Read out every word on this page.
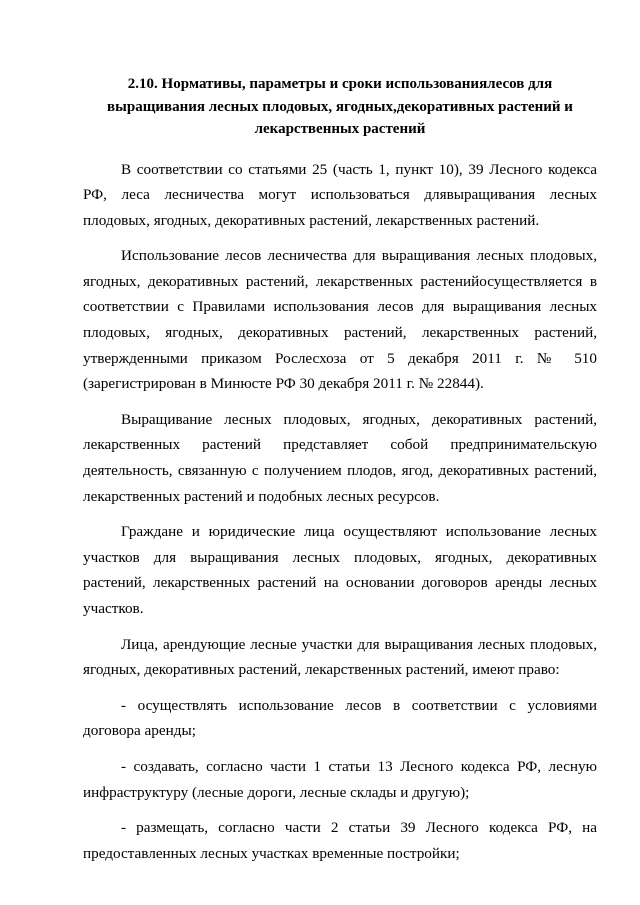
2.10. Нормативы, параметры и сроки использованиялесов для выращивания лесных плодовых, ягодных,декоративных растений и лекарственных растений

В соответствии со статьями 25 (часть 1, пункт 10), 39 Лесного кодекса РФ, леса лесничества могут использоваться длявыращивания лесных плодовых, ягодных, декоративных растений, лекарственных растений.

Использование лесов лесничества для выращивания лесных плодовых, ягодных, декоративных растений, лекарственных растенийосуществляется в соответствии с Правилами использования лесов для выращивания лесных плодовых, ягодных, декоративных растений, лекарственных растений, утвержденными приказом Рослесхоза от 5 декабря 2011 г. № 510 (зарегистрирован в Минюсте РФ 30 декабря 2011 г. № 22844).

Выращивание лесных плодовых, ягодных, декоративных растений, лекарственных растений представляет собой предпринимательскую деятельность, связанную с получением плодов, ягод, декоративных растений, лекарственных растений и подобных лесных ресурсов.

Граждане и юридические лица осуществляют использование лесных участков для выращивания лесных плодовых, ягодных, декоративных растений, лекарственных растений на основании договоров аренды лесных участков.

Лица, арендующие лесные участки для выращивания лесных плодовых, ягодных, декоративных растений, лекарственных растений, имеют право:

- осуществлять использование лесов в соответствии с условиями договора аренды;

- создавать, согласно части 1 статьи 13 Лесного кодекса РФ, лесную инфраструктуру (лесные дороги, лесные склады и другую);

- размещать, согласно части 2 статьи 39 Лесного кодекса РФ, на предоставленных лесных участках временные постройки;
